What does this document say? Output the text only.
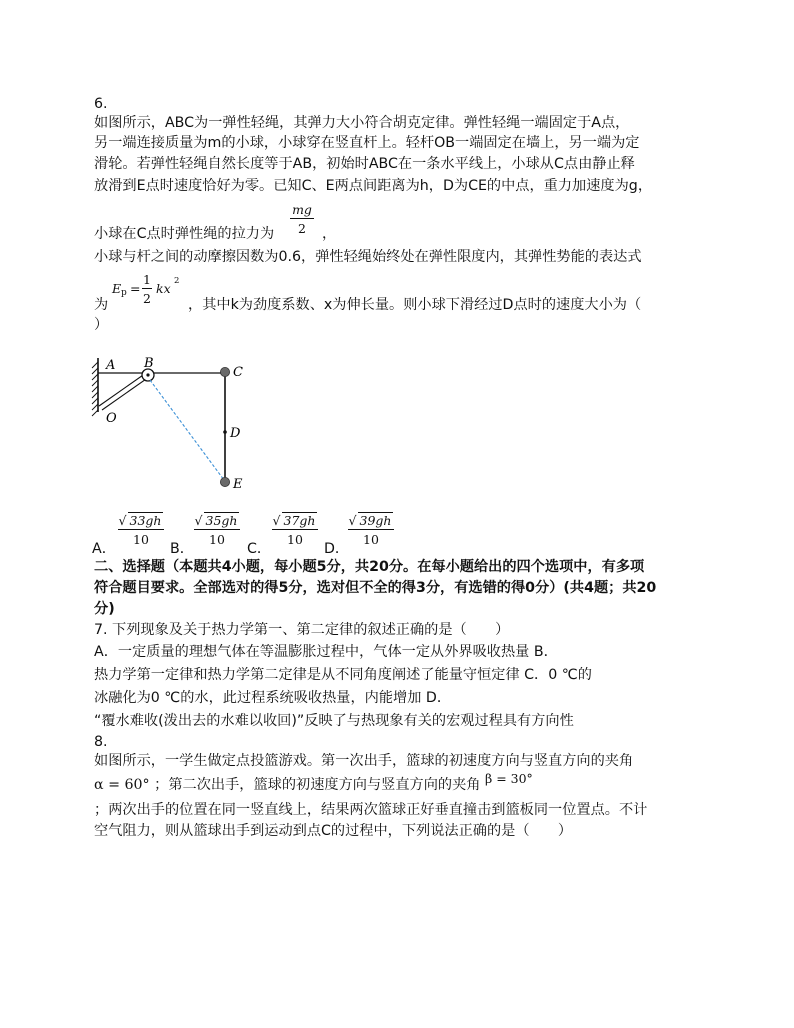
6.
如图所示，ABC为一弹性轻绳，其弹力大小符合胡克定律。弹性轻绳一端固定于A点，
另一端连接质量为m的小球，小球穿在竖直杆上。轻杆OB一端固定在墙上，另一端为定
滑轮。若弹性轻绳自然长度等于AB，初始时ABC在一条水平线上，小球从C点由静止释
放滑到E点时速度恰好为零。已知C、E两点间距离为h，D为CE的中点，重力加速度为g，
小球在C点时弹性绳的拉力为
mg
2	，
小球与杆之间的动摩擦因数为0.6，弹性轻绳始终处在弹性限度内，其弹性势能的表达式
为
E p =
1
2
kx 2
，其中k为劲度系数、x为伸长量。则小球下滑经过D点时的速度大小为（
）
A B
C
D
E
O
A．
√ 33gh
10
B．
√ 35gh
10
C．
√ 37gh
10
D．
√ 39gh
10
二、选择题（本题共4小题，每小题5分，共20分。在每小题给出的四个选项中，有多项
符合题目要求。全部选对的得5分，选对但不全的得3分，有选错的得0分）(共4题；共20
分)
7. 下列现象及关于热力学第一、第二定律的叙述正确的是（　　）
A．一定质量的理想气体在等温膨胀过程中，气体一定从外界吸收热量 B．
热力学第一定律和热力学第二定律是从不同角度阐述了能量守恒定律 C．0 ℃的
冰融化为0 ℃的水，此过程系统吸收热量，内能增加 D．
“覆水难收(泼出去的水难以收回)”反映了与热现象有关的宏观过程具有方向性
8.
如图所示，一学生做定点投篮游戏。第一次出手，篮球的初速度方向与竖直方向的夹角
α = 60° ；第二次出手，篮球的初速度方向与竖直方向的夹角 β = 30°
；两次出手的位置在同一竖直线上，结果两次篮球正好垂直撞击到篮板同一位置点。不计
空气阻力，则从篮球出手到运动到点C的过程中，下列说法正确的是（　　）
